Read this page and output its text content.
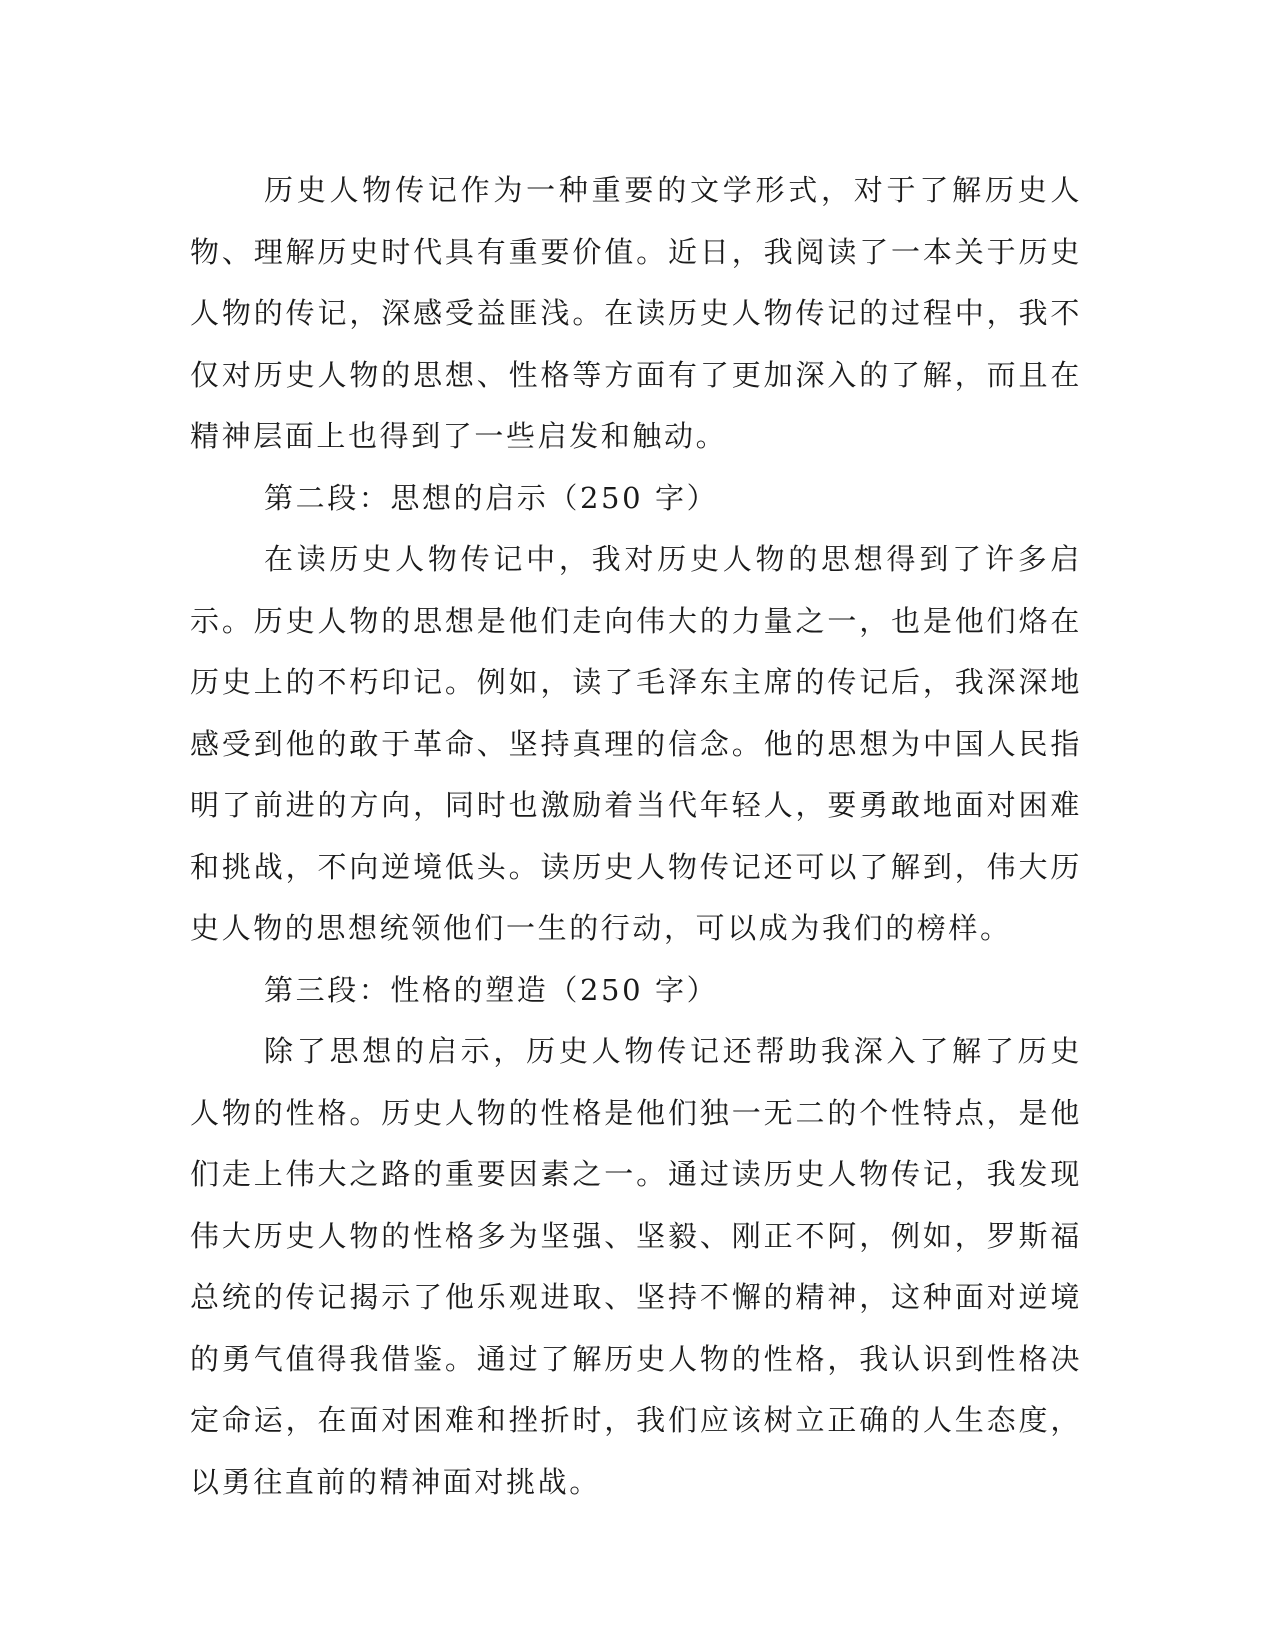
历史人物传记作为一种重要的文学形式，对于了解历史人物、理解历史时代具有重要价值。近日，我阅读了一本关于历史人物的传记，深感受益匪浅。在读历史人物传记的过程中，我不仅对历史人物的思想、性格等方面有了更加深入的了解，而且在精神层面上也得到了一些启发和触动。

第二段：思想的启示（250 字）

在读历史人物传记中，我对历史人物的思想得到了许多启示。历史人物的思想是他们走向伟大的力量之一，也是他们烙在历史上的不朽印记。例如，读了毛泽东主席的传记后，我深深地感受到他的敢于革命、坚持真理的信念。他的思想为中国人民指明了前进的方向，同时也激励着当代年轻人，要勇敢地面对困难和挑战，不向逆境低头。读历史人物传记还可以了解到，伟大历史人物的思想统领他们一生的行动，可以成为我们的榜样。

第三段：性格的塑造（250 字）

除了思想的启示，历史人物传记还帮助我深入了解了历史人物的性格。历史人物的性格是他们独一无二的个性特点，是他们走上伟大之路的重要因素之一。通过读历史人物传记，我发现伟大历史人物的性格多为坚强、坚毅、刚正不阿，例如，罗斯福总统的传记揭示了他乐观进取、坚持不懈的精神，这种面对逆境的勇气值得我借鉴。通过了解历史人物的性格，我认识到性格决定命运，在面对困难和挫折时，我们应该树立正确的人生态度，以勇往直前的精神面对挑战。
